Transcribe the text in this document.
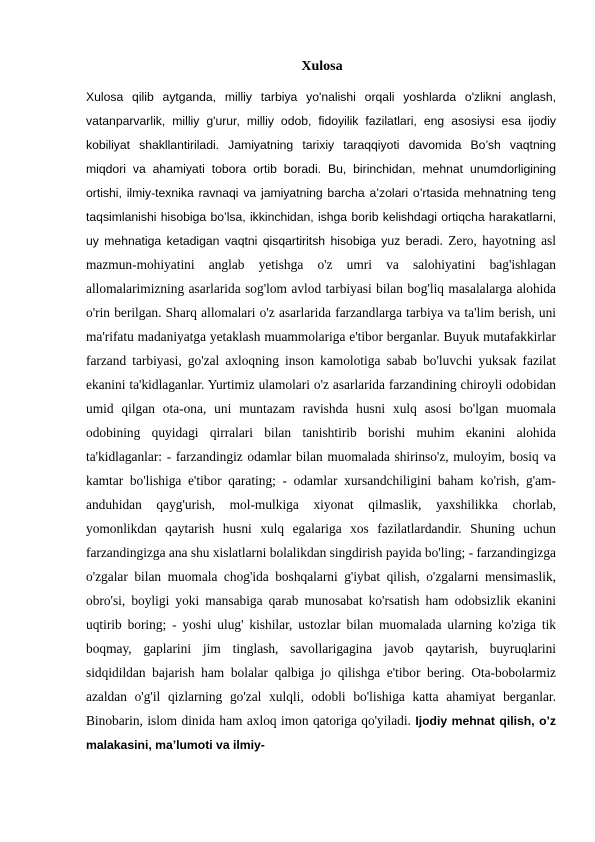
Xulosa

Xulosa qilib aytganda, milliy tarbiya yo'nalishi orqali yoshlarda o'zlikni anglash, vatanparvarlik, milliy g'urur, milliy odob, fidoyilik fazilatlari, eng asosiysi esa ijodiy kobiliyat shakllantiriladi. Jamiyatning tarixiy taraqqiyoti davomida Bo’sh vaqtning miqdori va ahamiyati tobora ortib boradi. Bu, birinchidan, mehnat unumdorligining ortishi, ilmiy-texnika ravnaqi va jamiyatning barcha a’zolari o’rtasida mehnatning teng taqsimlanishi hisobiga bo’lsa, ikkinchidan, ishga borib kelishdagi ortiqcha harakatlarni, uy mehnatiga ketadigan vaqtni qisqartiritsh hisobiga yuz beradi. Zero, hayotning asl mazmun-mohiyatini anglab yetishga o'z umri va salohiyatini bag'ishlagan allomalarimizning asarlarida sog'lom avlod tarbiyasi bilan bog'liq masalalarga alohida o'rin berilgan. Sharq allomalari o'z asarlarida farzandlarga tarbiya va ta'lim berish, uni ma'rifatu madaniyatga yetaklash muammolariga e'tibor berganlar. Buyuk mutafakkirlar farzand tarbiyasi, go'zal axloqning inson kamolotiga sabab bo'luvchi yuksak fazilat ekanini ta'kidlaganlar. Yurtimiz ulamolari o'z asarlarida farzandining chiroyli odobidan umid qilgan ota-ona, uni muntazam ravishda husni xulq asosi bo'lgan muomala odobining quyidagi qirralari bilan tanishtirib borishi muhim ekanini alohida ta'kidlaganlar: - farzandingiz odamlar bilan muomalada shirinso'z, muloyim, bosiq va kamtar bo'lishiga e'tibor qarating; - odamlar xursandchiligini baham ko'rish, g'am-anduhidan qayg'urish, mol-mulkiga xiyonat qilmaslik, yaxshilikka chorlab, yomonlikdan qaytarish husni xulq egalariga xos fazilatlardandir. Shuning uchun farzandingizga ana shu xislatlarni bolalikdan singdirish payida bo'ling; - farzandingizga o'zgalar bilan muomala chog'ida boshqalarni g'iybat qilish, o'zgalarni mensimaslik, obro'si, boyligi yoki mansabiga qarab munosabat ko'rsatish ham odobsizlik ekanini uqtirib boring; - yoshi ulug' kishilar, ustozlar bilan muomalada ularning ko'ziga tik boqmay, gaplarini jim tinglash, savollarigagina javob qaytarish, buyruqlarini sidqidildan bajarish ham bolalar qalbiga jo qilishga e'tibor bering. Ota-bobolarmiz azaldan o'g'il qizlarning go'zal xulqli, odobli bo'lishiga katta ahamiyat berganlar. Binobarin, islom dinida ham axloq imon qatoriga qo'yiladi. Ijodiy mehnat qilish, o’z malakasini, ma’lumoti va ilmiy-
